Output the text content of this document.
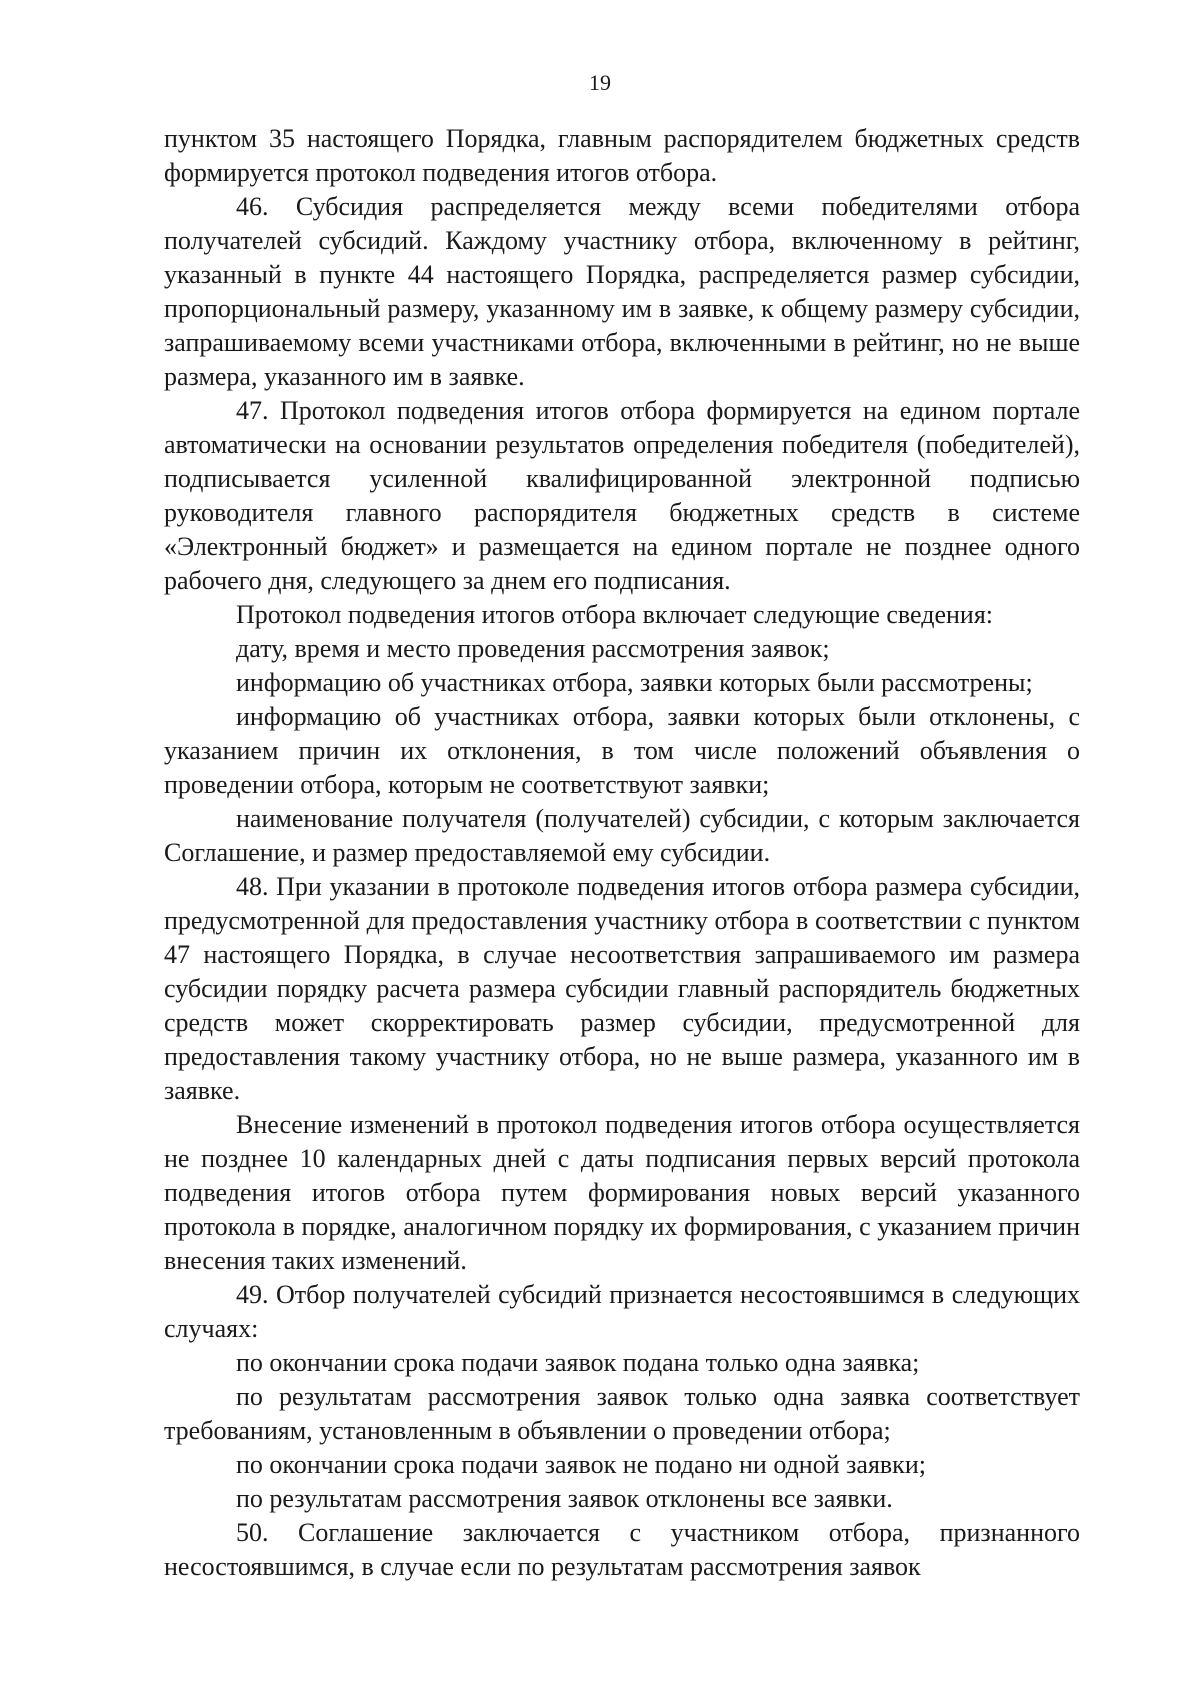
19

пунктом 35 настоящего Порядка, главным распорядителем бюджетных средств формируется протокол подведения итогов отбора.

46. Субсидия распределяется между всеми победителями отбора получателей субсидий. Каждому участнику отбора, включенному в рейтинг, указанный в пункте 44 настоящего Порядка, распределяется размер субсидии, пропорциональный размеру, указанному им в заявке, к общему размеру субсидии, запрашиваемому всеми участниками отбора, включенными в рейтинг, но не выше размера, указанного им в заявке.

47. Протокол подведения итогов отбора формируется на едином портале автоматически на основании результатов определения победителя (победителей), подписывается усиленной квалифицированной электронной подписью руководителя главного распорядителя бюджетных средств в системе «Электронный бюджет» и размещается на едином портале не позднее одного рабочего дня, следующего за днем его подписания.

Протокол подведения итогов отбора включает следующие сведения:

дату, время и место проведения рассмотрения заявок;

информацию об участниках отбора, заявки которых были рассмотрены;

информацию об участниках отбора, заявки которых были отклонены, с указанием причин их отклонения, в том числе положений объявления о проведении отбора, которым не соответствуют заявки;

наименование получателя (получателей) субсидии, с которым заключается Соглашение, и размер предоставляемой ему субсидии.

48. При указании в протоколе подведения итогов отбора размера субсидии, предусмотренной для предоставления участнику отбора в соответствии с пунктом 47 настоящего Порядка, в случае несоответствия запрашиваемого им размера субсидии порядку расчета размера субсидии главный распорядитель бюджетных средств может скорректировать размер субсидии, предусмотренной для предоставления такому участнику отбора, но не выше размера, указанного им в заявке.

Внесение изменений в протокол подведения итогов отбора осуществляется не позднее 10 календарных дней с даты подписания первых версий протокола подведения итогов отбора путем формирования новых версий указанного протокола в порядке, аналогичном порядку их формирования, с указанием причин внесения таких изменений.

49. Отбор получателей субсидий признается несостоявшимся в следующих случаях:

по окончании срока подачи заявок подана только одна заявка;

по результатам рассмотрения заявок только одна заявка соответствует требованиям, установленным в объявлении о проведении отбора;

по окончании срока подачи заявок не подано ни одной заявки;

по результатам рассмотрения заявок отклонены все заявки.

50. Соглашение заключается с участником отбора, признанного несостоявшимся, в случае если по результатам рассмотрения заявок
